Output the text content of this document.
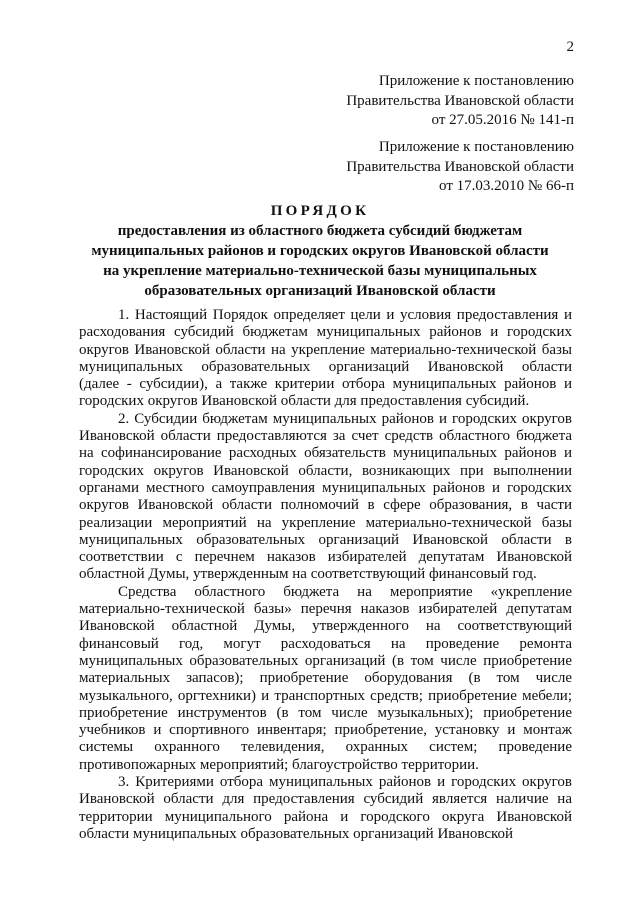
2
Приложение к постановлению
Правительства Ивановской области
от 27.05.2016 № 141-п
Приложение к постановлению
Правительства Ивановской области
от 17.03.2010 № 66-п
ПОРЯДОК
предоставления из областного бюджета субсидий бюджетам
муниципальных районов и городских округов Ивановской области
на укрепление материально-технической базы муниципальных
образовательных организаций Ивановской области
1. Настоящий Порядок определяет цели и условия предоставления и
расходования субсидий бюджетам муниципальных районов и городских
округов Ивановской области на укрепление материально-технической базы
муниципальных образовательных организаций Ивановской области
(далее - субсидии), а также критерии отбора муниципальных районов и
городских округов Ивановской области для предоставления субсидий.
2. Субсидии бюджетам муниципальных районов и городских округов
Ивановской области предоставляются за счет средств областного бюджета
на софинансирование расходных обязательств муниципальных районов и
городских округов Ивановской области, возникающих при выполнении
органами местного самоуправления муниципальных районов и городских
округов Ивановской области полномочий в сфере образования, в части
реализации мероприятий на укрепление материально-технической базы
муниципальных образовательных организаций Ивановской области в
соответствии с перечнем наказов избирателей депутатам Ивановской
областной Думы, утвержденным на соответствующий финансовый год.
Средства областного бюджета на мероприятие «укрепление
материально-технической базы» перечня наказов избирателей депутатам
Ивановской областной Думы, утвержденного на соответствующий
финансовый год, могут расходоваться на проведение ремонта
муниципальных образовательных организаций (в том числе приобретение
материальных запасов); приобретение оборудования (в том числе
музыкального, оргтехники) и транспортных средств; приобретение мебели;
приобретение инструментов (в том числе музыкальных); приобретение
учебников и спортивного инвентаря; приобретение, установку и монтаж
системы охранного телевидения, охранных систем; проведение
противопожарных мероприятий; благоустройство территории.
3. Критериями отбора муниципальных районов и городских округов
Ивановской области для предоставления субсидий является наличие на
территории муниципального района и городского округа Ивановской
области муниципальных образовательных организаций Ивановской
